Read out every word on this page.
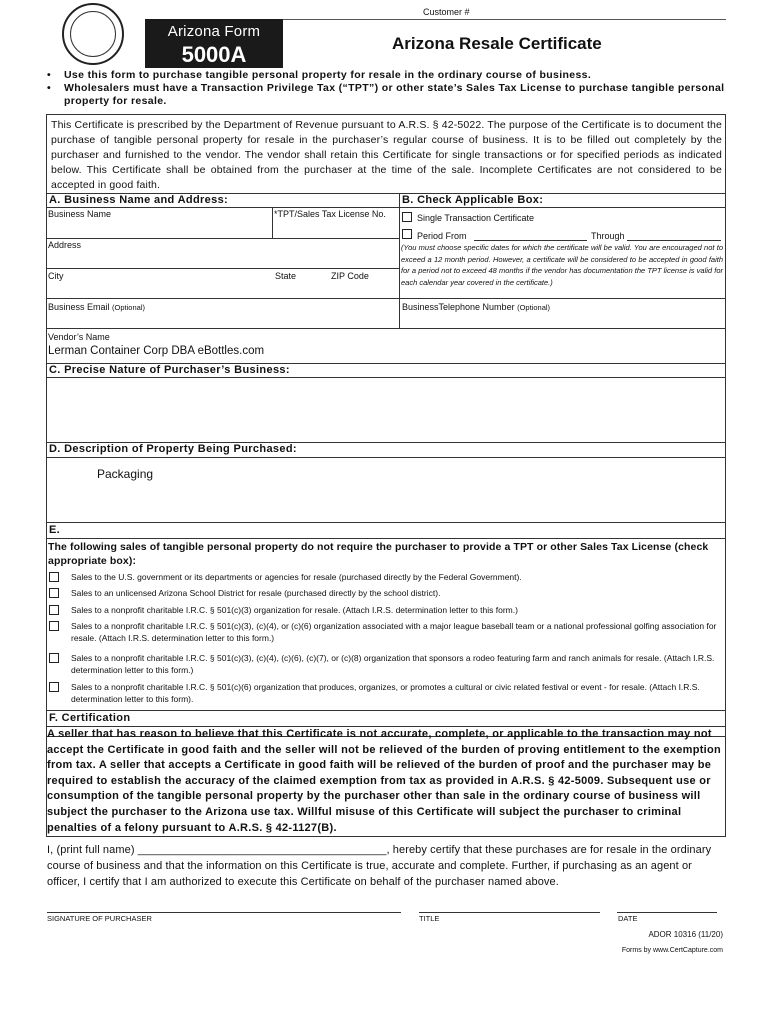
Arizona Form
5000A
Customer #
Arizona Resale Certificate
• Use this form to purchase tangible personal property for resale in the ordinary course of business.
• Wholesalers must have a Transaction Privilege Tax (“TPT”) or other state’s Sales Tax License to purchase tangible personal property for resale.
This Certificate is prescribed by the Department of Revenue pursuant to A.R.S. § 42-5022. The purpose of the Certificate is to document the purchase of tangible personal property for resale in the purchaser’s regular course of business. It is to be filled out completely by the purchaser and furnished to the vendor. The vendor shall retain this Certificate for single transactions or for specified periods as indicated below. This Certificate shall be obtained from the purchaser at the time of the sale. Incomplete Certificates are not considered to be accepted in good faith.
A. Business Name and Address:	B. Check Applicable Box:
Business Name	*TPT/Sales Tax License No.
Address
City	State	ZIP Code
Business Email (Optional)	BusinessTelephone Number (Optional)
Single Transaction Certificate
Period From	Through
(You must choose specific dates for which the certificate will be valid. You are encouraged not to exceed a 12 month period. However, a certificate will be considered to be accepted in good faith for a period not to exceed 48 months if the vendor has documentation the TPT license is valid for each calendar year covered in the certificate.)
Vendor’s Name
Lerman Container Corp DBA eBottles.com
C. Precise Nature of Purchaser’s Business:
D. Description of Property Being Purchased:
Packaging
E.
The following sales of tangible personal property do not require the purchaser to provide a TPT or other Sales Tax License (check appropriate box):
Sales to the U.S. government or its departments or agencies for resale (purchased directly by the Federal Government).
Sales to an unlicensed Arizona School District for resale (purchased directly by the school district).
Sales to a nonprofit charitable I.R.C. § 501(c)(3) organization for resale. (Attach I.R.S. determination letter to this form.)
Sales to a nonprofit charitable I.R.C. § 501(c)(3), (c)(4), or (c)(6) organization associated with a major league baseball team or a national professional golfing association for resale. (Attach I.R.S. determination letter to this form.)
Sales to a nonprofit charitable I.R.C. § 501(c)(3), (c)(4), (c)(6), (c)(7), or (c)(8) organization that sponsors a rodeo featuring farm and ranch animals for resale. (Attach I.R.S. determination letter to this form.)
Sales to a nonprofit charitable I.R.C. § 501(c)(6) organization that produces, organizes, or promotes a cultural or civic related festival or event - for resale. (Attach I.R.S. determination letter to this form).
F. Certification
A seller that has reason to believe that this Certificate is not accurate, complete, or applicable to the transaction may not accept the Certificate in good faith and the seller will not be relieved of the burden of proving entitlement to the exemption from tax. A seller that accepts a Certificate in good faith will be relieved of the burden of proof and the purchaser may be required to establish the accuracy of the claimed exemption from tax as provided in A.R.S. § 42-5009. Subsequent use or consumption of the tangible personal property by the purchaser other than sale in the ordinary course of business will subject the purchaser to the Arizona use tax. Willful misuse of this Certificate will subject the purchaser to criminal penalties of a felony pursuant to A.R.S. § 42-1127(B).
I, (print full name) ________________________________________, hereby certify that these purchases are for resale in the ordinary course of business and that the information on this Certificate is true, accurate and complete. Further, if purchasing as an agent or officer, I certify that I am authorized to execute this Certificate on behalf of the purchaser named above.
SIGNATURE OF PURCHASER	TITLE	DATE
ADOR 10316 (11/20)
Forms by www.CertCapture.com
